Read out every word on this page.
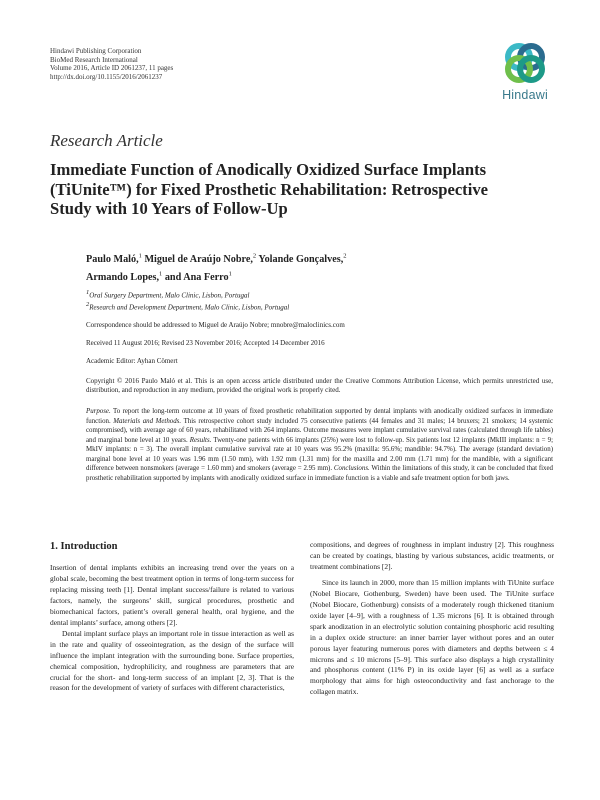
Hindawi Publishing Corporation
BioMed Research International
Volume 2016, Article ID 2061237, 11 pages
http://dx.doi.org/10.1155/2016/2061237
Hindawi
Research Article
Immediate Function of Anodically Oxidized Surface Implants (TiUnite™) for Fixed Prosthetic Rehabilitation: Retrospective Study with 10 Years of Follow-Up
Paulo Maló,$^1$ Miguel de Araújo Nobre,$^2$ Yolande Gonçalves,$^2$
Armando Lopes,$^1$ and Ana Ferro$^1$
$^1$Oral Surgery Department, Malo Clinic, Lisbon, Portugal
$^2$Research and Development Department, Malo Clinic, Lisbon, Portugal
Correspondence should be addressed to Miguel de Araújo Nobre; mnobre@maloclinics.com
Received 11 August 2016; Revised 23 November 2016; Accepted 14 December 2016
Academic Editor: Ayhan Cömert
Copyright © 2016 Paulo Maló et al. This is an open access article distributed under the Creative Commons Attribution License, which permits unrestricted use, distribution, and reproduction in any medium, provided the original work is properly cited.
Purpose. To report the long-term outcome at 10 years of fixed prosthetic rehabilitation supported by dental implants with anodically oxidized surfaces in immediate function. Materials and Methods. This retrospective cohort study included 75 consecutive patients (44 females and 31 males; 14 bruxers; 21 smokers; 14 systemic compromised), with average age of 60 years, rehabilitated with 264 implants. Outcome measures were implant cumulative survival rates (calculated through life tables) and marginal bone level at 10 years. Results. Twenty-one patients with 66 implants (25%) were lost to follow-up. Six patients lost 12 implants (MkIII implants: n = 9; MkIV implants: n = 3). The overall implant cumulative survival rate at 10 years was 95.2% (maxilla: 95.6%; mandible: 94.7%). The average (standard deviation) marginal bone level at 10 years was 1.96 mm (1.50 mm), with 1.92 mm (1.31 mm) for the maxilla and 2.00 mm (1.71 mm) for the mandible, with a significant difference between nonsmokers (average = 1.60 mm) and smokers (average = 2.95 mm). Conclusions. Within the limitations of this study, it can be concluded that fixed prosthetic rehabilitation supported by implants with anodically oxidized surface in immediate function is a viable and safe treatment option for both jaws.
1. Introduction

Insertion of dental implants exhibits an increasing trend over the years on a global scale, becoming the best treatment option in terms of long-term success for replacing missing teeth [1]. Dental implant success/failure is related to various factors, namely, the surgeons’ skill, surgical procedures, prosthetic and biomechanical factors, patient’s overall general health, oral hygiene, and the dental implants’ surface, among others [2].

Dental implant surface plays an important role in tissue interaction as well as in the rate and quality of osseointegration, as the design of the surface will influence the implant integration with the surrounding bone. Surface properties, chemical composition, hydrophilicity, and roughness are parameters that are crucial for the short- and long-term success of an implant [2, 3]. That is the reason for the development of variety of surfaces with different characteristics,

compositions, and degrees of roughness in implant industry [2]. This roughness can be created by coatings, blasting by various substances, acidic treatments, or treatment combinations [2].

Since its launch in 2000, more than 15 million implants with TiUnite surface (Nobel Biocare, Gothenburg, Sweden) have been used. The TiUnite surface (Nobel Biocare, Gothenburg) consists of a moderately rough thickened titanium oxide layer [4–9], with a roughness of 1.35 microns [6]. It is obtained through spark anodization in an electrolytic solution containing phosphoric acid resulting in a duplex oxide structure: an inner barrier layer without pores and an outer porous layer featuring numerous pores with diameters and depths between ≤ 4 microns and ≤ 10 microns [5–9]. This surface also displays a high crystallinity and phosphorus content (11% P) in its oxide layer [6] as well as a surface morphology that aims for high osteoconductivity and fast anchorage to the collagen matrix.
